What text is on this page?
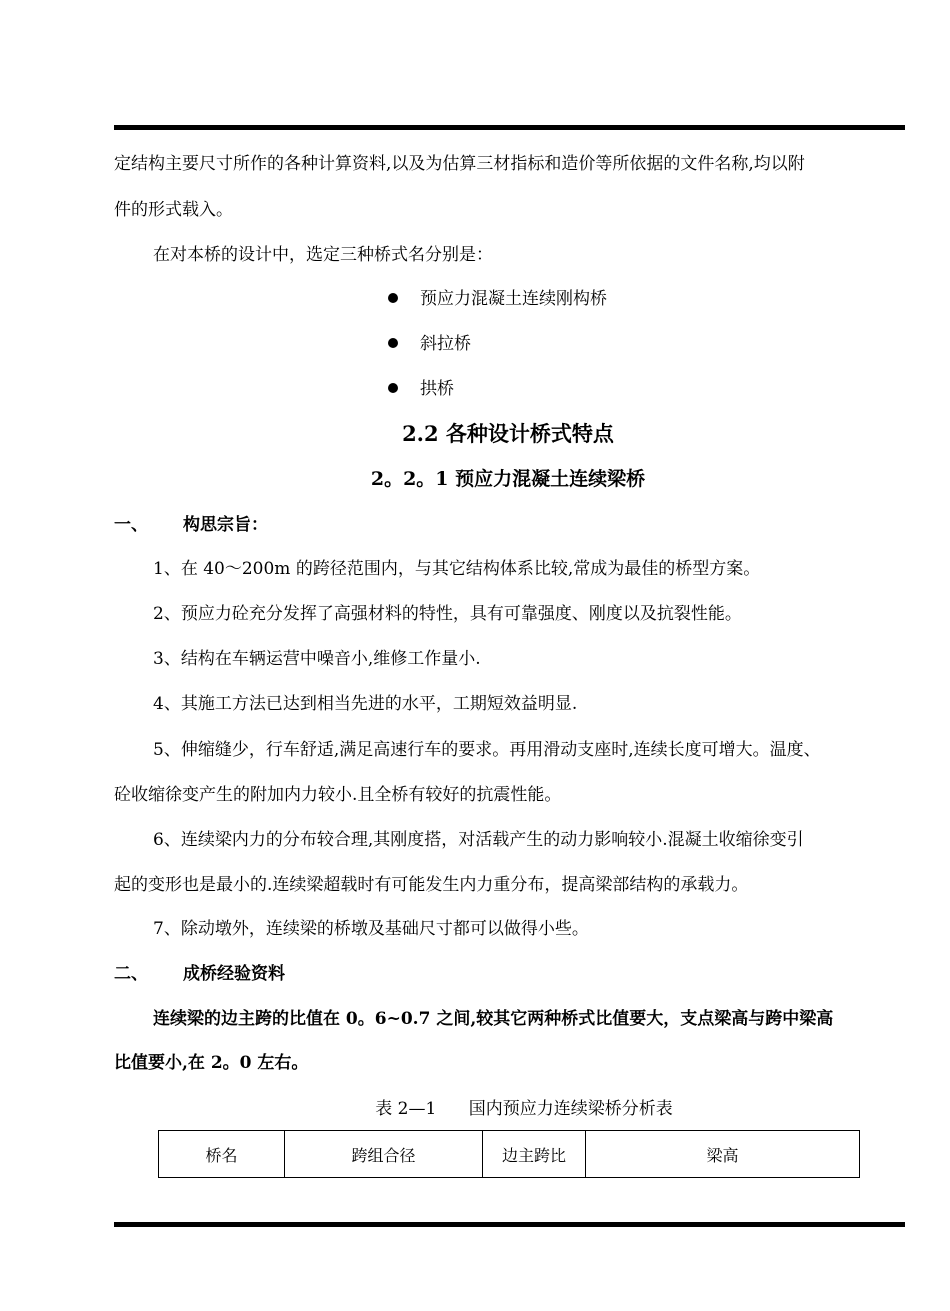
定结构主要尺寸所作的各种计算资料,以及为估算三材指标和造价等所依据的文件名称,均以附
件的形式载入。
在对本桥的设计中，选定三种桥式名分别是：
预应力混凝土连续刚构桥
斜拉桥
拱桥
2.2 各种设计桥式特点
2。2。1 预应力混凝土连续梁桥
一、 构思宗旨：
1、在 40～200m 的跨径范围内，与其它结构体系比较,常成为最佳的桥型方案。
2、预应力砼充分发挥了高强材料的特性，具有可靠强度、刚度以及抗裂性能。
3、结构在车辆运营中噪音小,维修工作量小.
4、其施工方法已达到相当先进的水平，工期短效益明显.
5、伸缩缝少，行车舒适,满足高速行车的要求。再用滑动支座时,连续长度可增大。温度、
砼收缩徐变产生的附加内力较小.且全桥有较好的抗震性能。
6、连续梁内力的分布较合理,其刚度搭，对活载产生的动力影响较小.混凝土收缩徐变引
起的变形也是最小的.连续梁超载时有可能发生内力重分布，提高梁部结构的承载力。
7、除动墩外，连续梁的桥墩及基础尺寸都可以做得小些。
二、 成桥经验资料
连续梁的边主跨的比值在 0。6~0.7 之间,较其它两种桥式比值要大，支点梁高与跨中梁高
比值要小,在 2。0 左右。
表 2—1      国内预应力连续梁桥分析表
桥名	跨组合径	边主跨比	梁高
